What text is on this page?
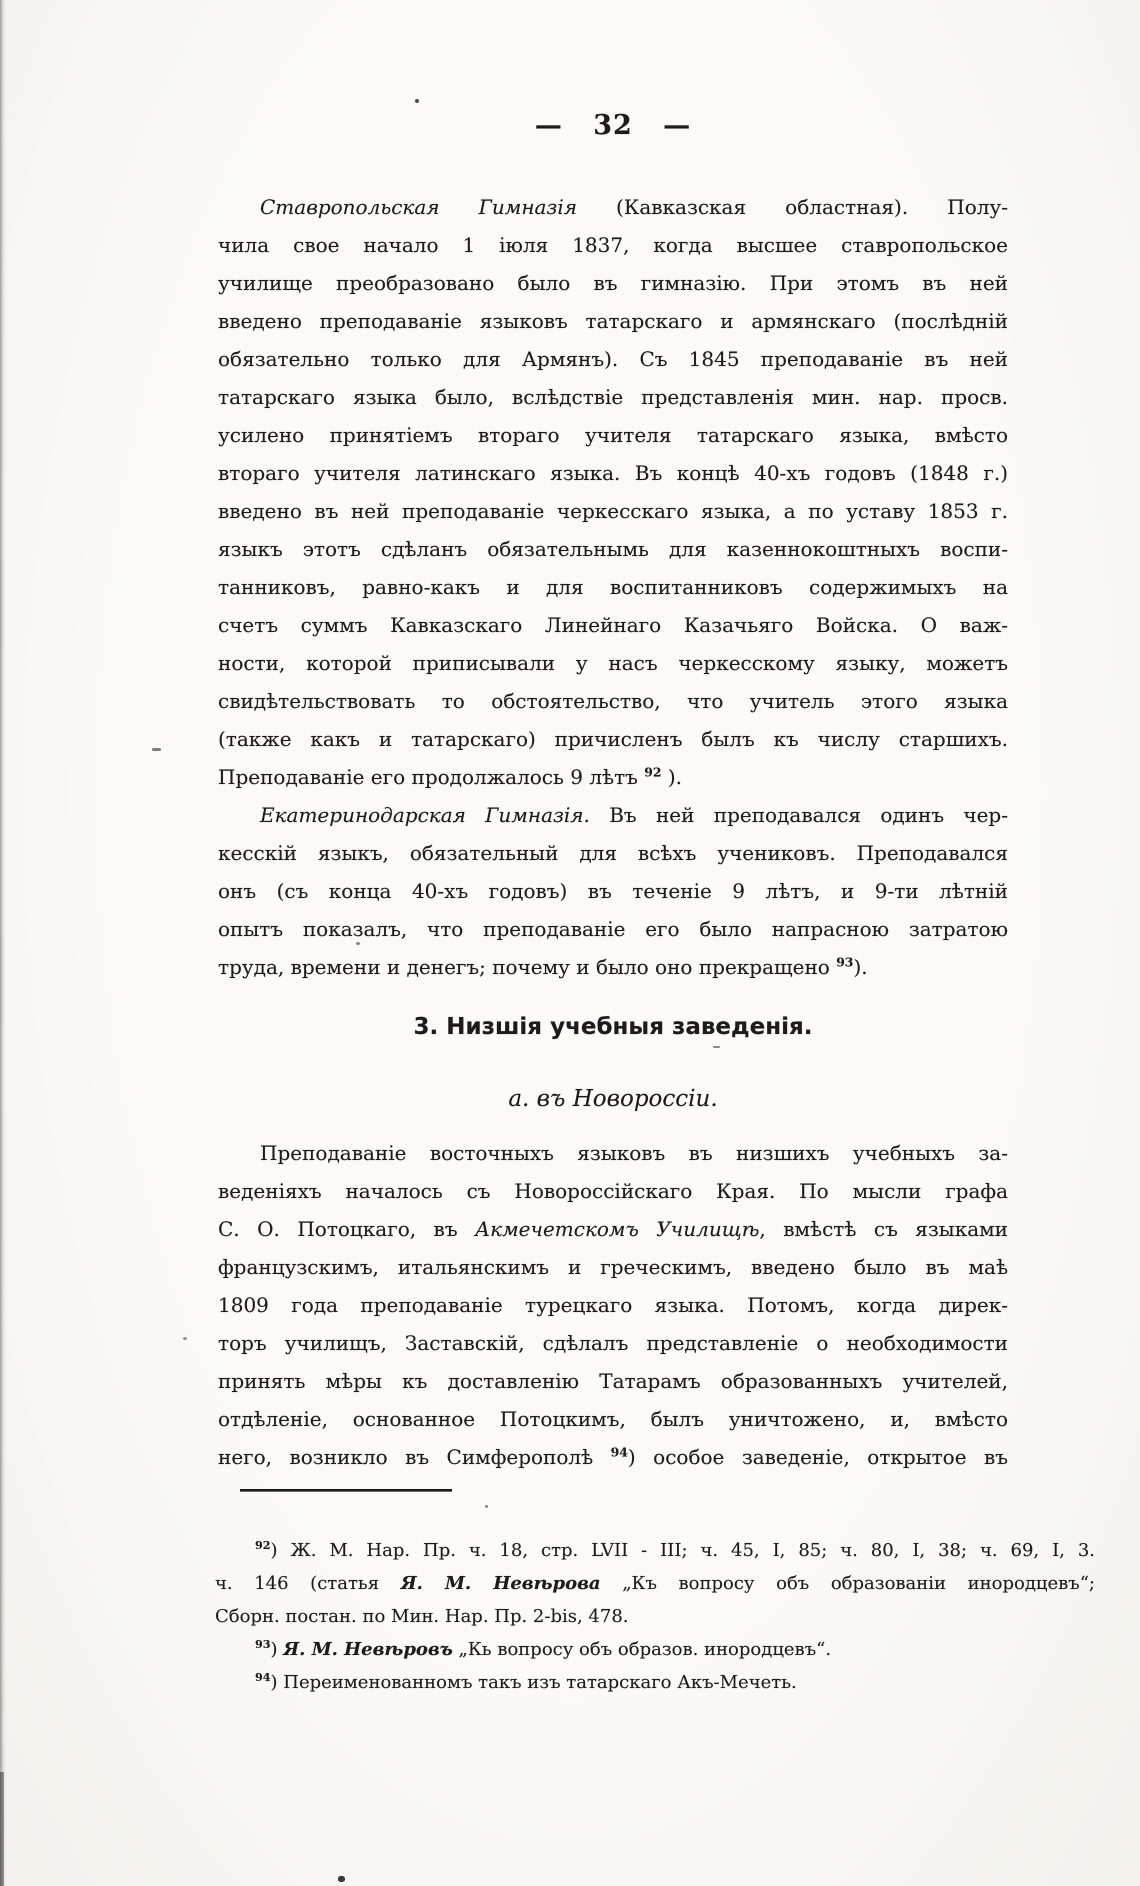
— 32 —
Ставропольская Гимназія (Кавказская областная). Полу-
чила свое начало 1 іюля 1837, когда высшее ставропольское
училище преобразовано было въ гимназію. При этомъ въ ней
введено преподаваніе языковъ татарскаго и армянскаго (послѣдній
обязательно только для Армянъ). Съ 1845 преподаваніе въ ней
татарскаго языка было, вслѣдствіе представленія мин. нар. просв.
усилено принятіемъ втораго учителя татарскаго языка, вмѣсто
втораго учителя латинскаго языка. Въ концѣ 40-хъ годовъ (1848 г.)
введено въ ней преподаваніе черкесскаго языка, а по уставу 1853 г.
языкъ этотъ сдѣланъ обязательнымь для казеннокоштныхъ воспи-
танниковъ, равно-какъ и для воспитанниковъ содержимыхъ на
счетъ суммъ Кавказскаго Линейнаго Казачьяго Войска. О важ-
ности, которой приписывали у насъ черкесскому языку, можетъ
свидѣтельствовать то обстоятельство, что учитель этого языка
(также какъ и татарскаго) причисленъ былъ къ числу старшихъ.
Преподаваніе его продолжалось 9 лѣтъ $^{92}$ ).
Екатеринодарская Гимназія. Въ ней преподавался одинъ чер-
кесскій языкъ, обязательный для всѣхъ учениковъ. Преподавался
онъ (съ конца 40-хъ годовъ) въ теченіе 9 лѣтъ, и 9-ти лѣтній
опытъ показалъ, что преподаваніе его было напрасною затратою
труда, времени и денегъ; почему и было оно прекращено $^{93}$).
3. Низшія учебныя заведенія.
а. въ Новороссіи.
Преподаваніе восточныхъ языковъ въ низшихъ учебныхъ за-
веденіяхъ началось съ Новороссійскаго Края. По мысли графа
С. О. Потоцкаго, въ Акмечетскомъ Училищѣ, вмѣстѣ съ языками
французскимъ, итальянскимъ и греческимъ, введено было въ маѣ
1809 года преподаваніе турецкаго языка. Потомъ, когда дирек-
торъ училищъ, Заставскій, сдѣлалъ представленіе о необходимости
принять мѣры къ доставленію Татарамъ образованныхъ учителей,
отдѣленіе, основанное Потоцкимъ, былъ уничтожено, и, вмѣсто
него, возникло въ Симферополѣ $^{94}$) особое заведеніе, открытое въ
$^{92}$) Ж. М. Нар. Пр. ч. 18, стр. LVII - III; ч. 45, I, 85; ч. 80, I, 38; ч. 69, I, 3.
ч. 146 (статья Я. М. Невѣрова „Къ вопросу объ образованіи инородцевъ“;
Сборн. постан. по Мин. Нар. Пр. 2-bis, 478.
$^{93}$) Я. М. Невѣровъ „Кь вопросу объ образов. инородцевъ“.
$^{94}$) Переименованномъ такъ изъ татарскаго Акъ-Мечеть.
